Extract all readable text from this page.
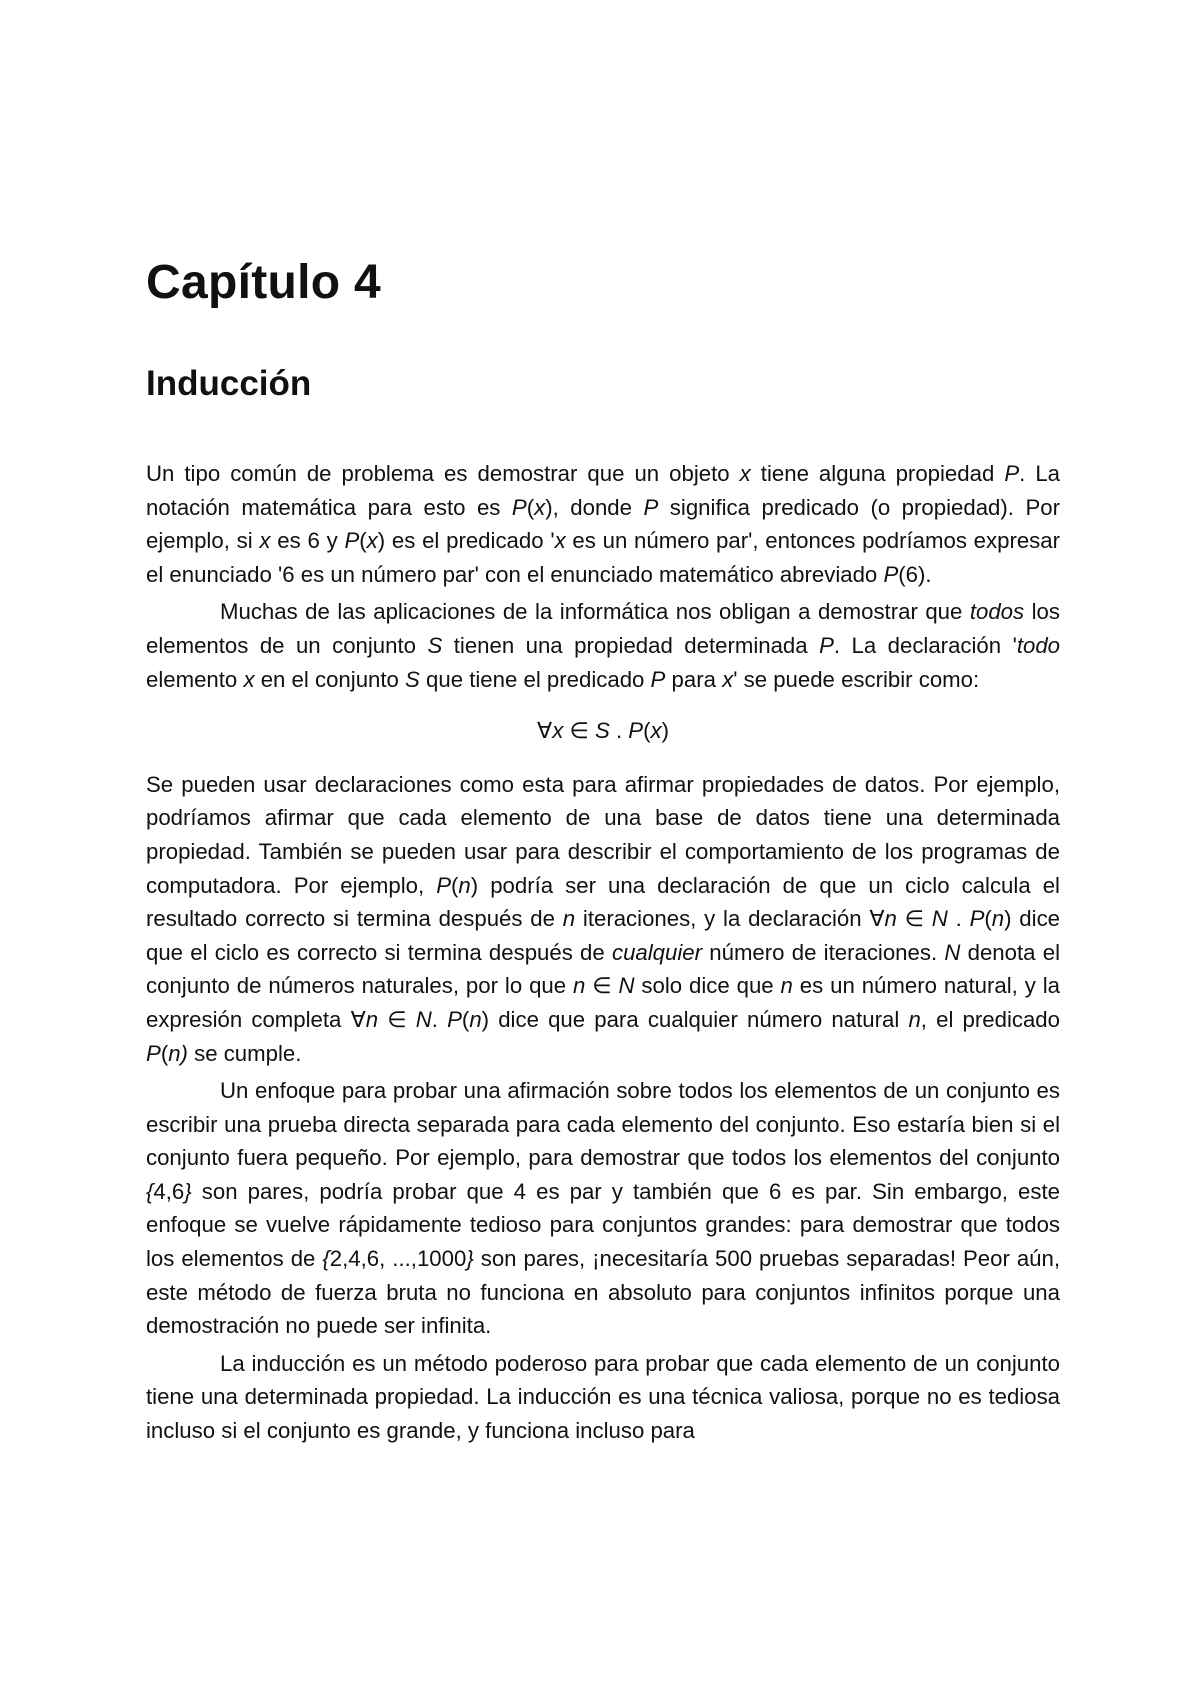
Capítulo 4
Inducción

Un tipo común de problema es demostrar que un objeto x tiene alguna propiedad P. La notación matemática para esto es P(x), donde P significa predicado (o propiedad). Por ejemplo, si x es 6 y P(x) es el predicado 'x es un número par', entonces podríamos expresar el enunciado '6 es un número par' con el enunciado matemático abreviado P(6).

Muchas de las aplicaciones de la informática nos obligan a demostrar que todos los elementos de un conjunto S tienen una propiedad determinada P. La declaración 'todo elemento x en el conjunto S que tiene el predicado P para x' se puede escribir como:

∀x ∈ S . P(x)

Se pueden usar declaraciones como esta para afirmar propiedades de datos. Por ejemplo, podríamos afirmar que cada elemento de una base de datos tiene una determinada propiedad. También se pueden usar para describir el comportamiento de los programas de computadora. Por ejemplo, P(n) podría ser una declaración de que un ciclo calcula el resultado correcto si termina después de n iteraciones, y la declaración ∀n ∈ N . P(n) dice que el ciclo es correcto si termina después de cualquier número de iteraciones. N denota el conjunto de números naturales, por lo que n ∈ N solo dice que n es un número natural, y la expresión completa ∀n ∈ N. P(n) dice que para cualquier número natural n, el predicado P(n) se cumple.

Un enfoque para probar una afirmación sobre todos los elementos de un conjunto es escribir una prueba directa separada para cada elemento del conjunto. Eso estaría bien si el conjunto fuera pequeño. Por ejemplo, para demostrar que todos los elementos del conjunto {4,6} son pares, podría probar que 4 es par y también que 6 es par. Sin embargo, este enfoque se vuelve rápidamente tedioso para conjuntos grandes: para demostrar que todos los elementos de {2,4,6, ...,1000} son pares, ¡necesitaría 500 pruebas separadas! Peor aún, este método de fuerza bruta no funciona en absoluto para conjuntos infinitos porque una demostración no puede ser infinita.

La inducción es un método poderoso para probar que cada elemento de un conjunto tiene una determinada propiedad. La inducción es una técnica valiosa, porque no es tediosa incluso si el conjunto es grande, y funciona incluso para
